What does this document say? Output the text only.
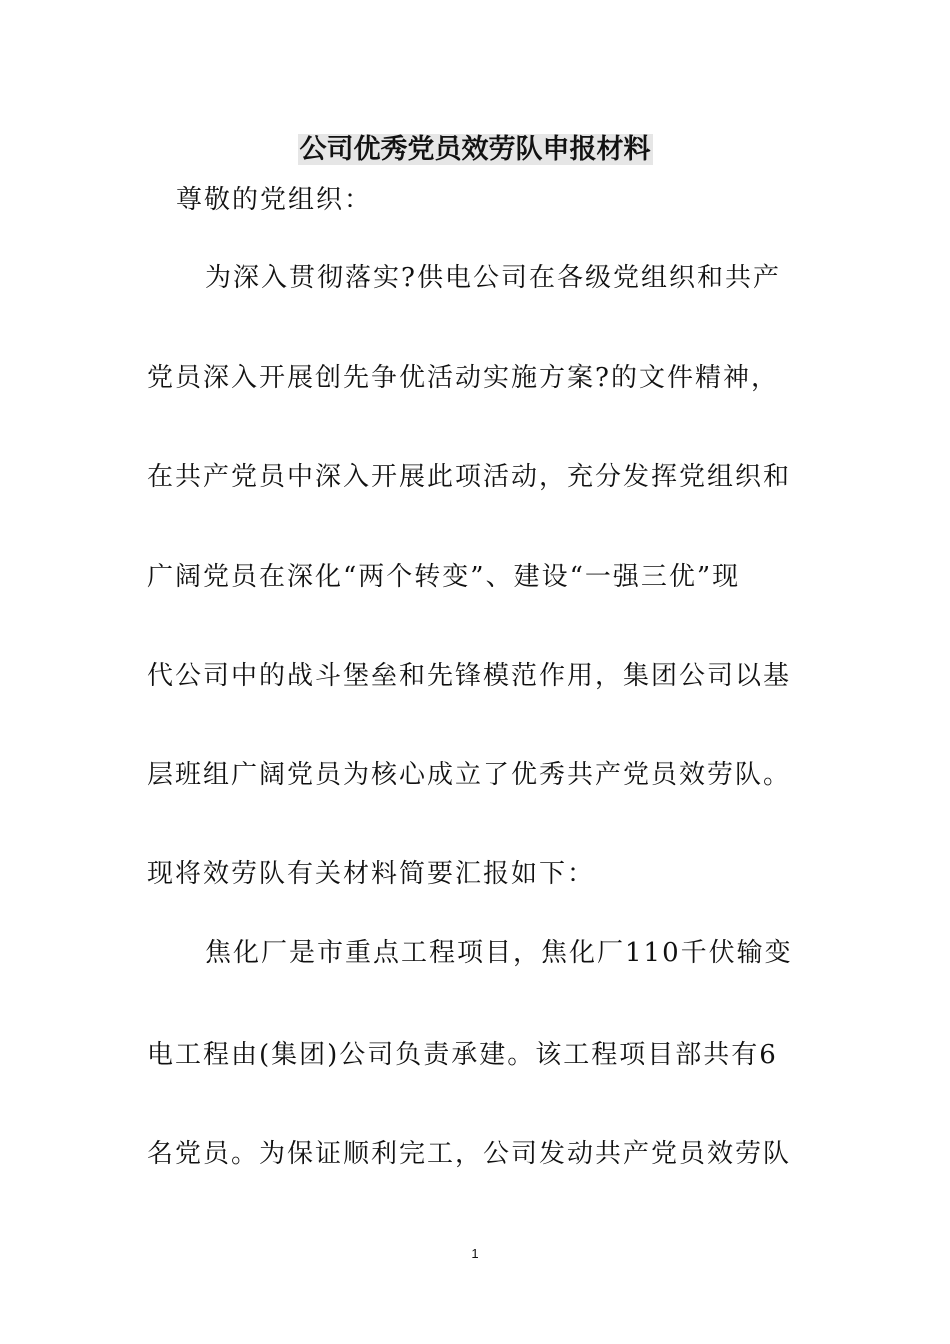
公司优秀党员效劳队申报材料
尊敬的党组织：
为深入贯彻落实?供电公司在各级党组织和共产
党员深入开展创先争优活动实施方案?的文件精神，
在共产党员中深入开展此项活动，充分发挥党组织和
广阔党员在深化“两个转变”、建设“一强三优”现
代公司中的战斗堡垒和先锋模范作用，集团公司以基
层班组广阔党员为核心成立了优秀共产党员效劳队。
现将效劳队有关材料简要汇报如下：
焦化厂是市重点工程项目，焦化厂110千伏输变
电工程由(集团)公司负责承建。该工程项目部共有6
名党员。为保证顺利完工，公司发动共产党员效劳队
1
